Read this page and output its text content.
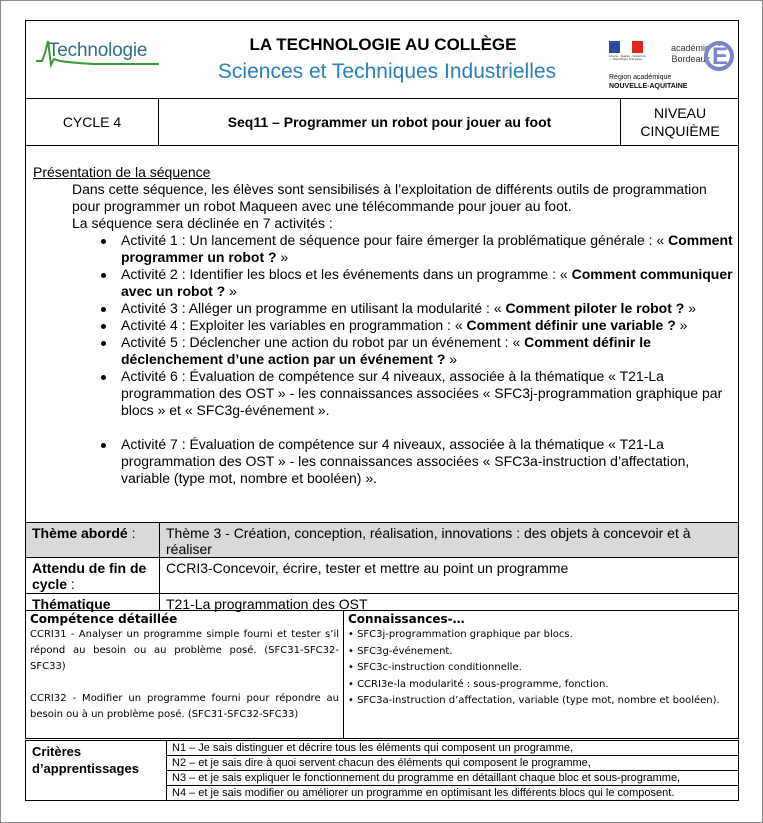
Technologie	LA TECHNOLOGIE AU COLLÈGE
Sciences et Techniques Industrielles
Liberté · Égalité · Fraternité — République Française
académie
Bordeaux É
Région académique
NOUVELLE-AQUITAINE
CYCLE 4	Seq11 – Programmer un robot pour jouer au foot
NIVEAU
CINQUIÈME
Présentation de la séquence
Dans cette séquence, les élèves sont sensibilisés à l’exploitation de différents outils de programmation pour programmer un robot Maqueen avec une télécommande pour jouer au foot.
La séquence sera déclinée en 7 activités :
Activité 1 : Un lancement de séquence pour faire émerger la problématique générale : « Comment programmer un robot ? »
Activité 2 : Identifier les blocs et les événements dans un programme : « Comment communiquer avec un robot ? »
Activité 3 : Alléger un programme en utilisant la modularité : « Comment piloter le robot ? »
Activité 4 : Exploiter les variables en programmation : « Comment définir une variable ? »
Activité 5 : Déclencher une action du robot par un événement : « Comment définir le déclenchement d’une action par un événement ? »
Activité 6 : Évaluation de compétence sur 4 niveaux, associée à la thématique « T21-La programmation des OST » - les connaissances associées « SFC3j-programmation graphique par blocs » et « SFC3g-événement ».
Activité 7 : Évaluation de compétence sur 4 niveaux, associée à la thématique « T21-La programmation des OST » - les connaissances associées « SFC3a-instruction d’affectation, variable (type mot, nombre et booléen) ».
Thème abordé :	Thème 3 - Création, conception, réalisation, innovations : des objets à concevoir et à réaliser
Attendu de fin de cycle :
CCRI3-Concevoir, écrire, tester et mettre au point un programme
Thématique	T21-La programmation des OST
Compétence détaillée
CCRI31 - Analyser un programme simple fourni et tester s’il répond au besoin ou au problème posé. (SFC31-SFC32-SFC33)
CCRI32 - Modifier un programme fourni pour répondre au besoin ou à un problème posé. (SFC31-SFC32-SFC33)
Connaissances-…
• SFC3j-programmation graphique par blocs.
• SFC3g-événement.
• SFC3c-instruction conditionnelle.
• CCRI3e-la modularité : sous-programme, fonction.
• SFC3a-instruction d’affectation, variable (type mot, nombre et booléen).
Critères
d’apprentissages
N1 – Je sais distinguer et décrire tous les éléments qui composent un programme,
N2 – et je sais dire à quoi servent chacun des éléments qui composent le programme,
N3 – et je sais expliquer le fonctionnement du programme en détaillant chaque bloc et sous-programme,
N4 – et je sais modifier ou améliorer un programme en optimisant les différents blocs qui le composent.
